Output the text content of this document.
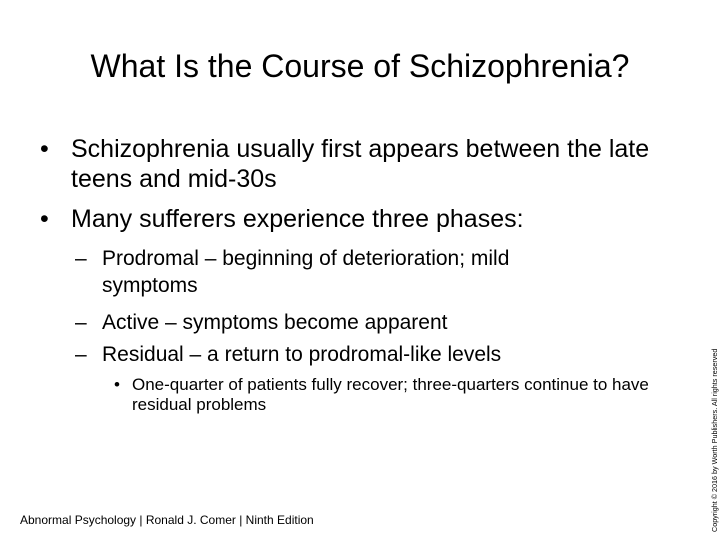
What Is the Course of Schizophrenia?
• Schizophrenia usually first appears between the late teens and mid-30s
• Many sufferers experience three phases:
– Prodromal – beginning of deterioration; mild symptoms
– Active – symptoms become apparent
– Residual – a return to prodromal-like levels
• One-quarter of patients fully recover; three-quarters continue to have residual problems
Abnormal Psychology | Ronald J. Comer | Ninth Edition	Copyright © 2016 by Worth Publishers. All rights reserved
